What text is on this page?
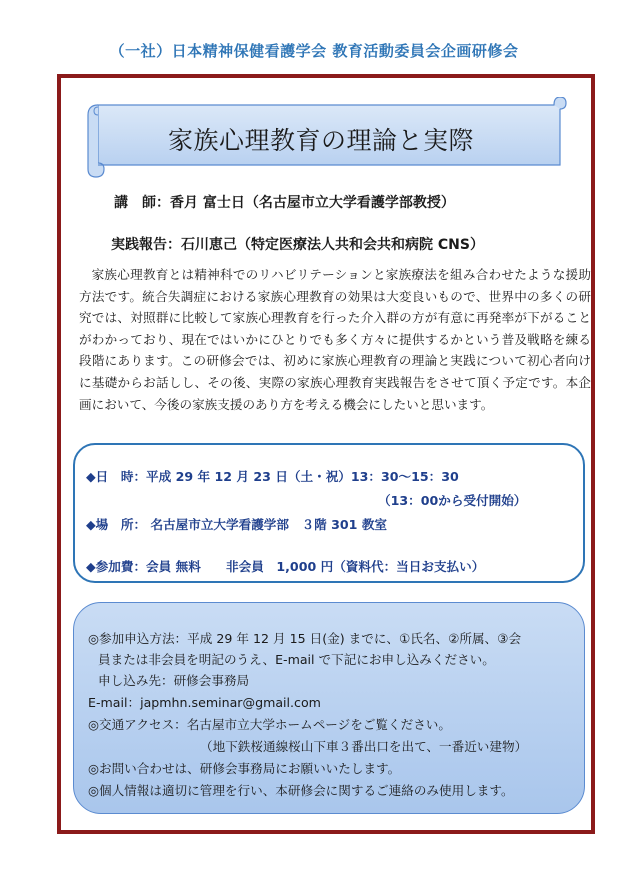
（一社）日本精神保健看護学会 教育活動委員会企画研修会
家族心理教育の理論と実際
講　師：香月 富士日（名古屋市立大学看護学部教授）
実践報告：石川恵己（特定医療法人共和会共和病院 CNS）
家族心理教育とは精神科でのリハビリテーションと家族療法を組み合わせたような援助方法です。統合失調症における家族心理教育の効果は大変良いもので、世界中の多くの研究では、対照群に比較して家族心理教育を行った介入群の方が有意に再発率が下がることがわかっており、現在ではいかにひとりでも多く方々に提供するかという普及戦略を練る段階にあります。この研修会では、初めに家族心理教育の理論と実践について初心者向けに基礎からお話しし、その後、実際の家族心理教育実践報告をさせて頂く予定です。本企画において、今後の家族支援のあり方を考える機会にしたいと思います。
◆日　時：平成 29 年 12 月 23 日（土・祝）13：30〜15：30
（13：00から受付開始）
◆場　所： 名古屋市立大学看護学部　３階 301 教室
◆参加費：会員 無料　　非会員　1,000 円（資料代：当日お支払い）
◎参加申込方法：平成 29 年 12 月 15 日(金) までに、①氏名、②所属、③会
員または非会員を明記のうえ、E-mail で下記にお申し込みください。
申し込み先：研修会事務局
E-mail：japmhn.seminar@gmail.com
◎交通アクセス：名古屋市立大学ホームページをご覧ください。
（地下鉄桜通線桜山下車３番出口を出て、一番近い建物）
◎お問い合わせは、研修会事務局にお願いいたします。
◎個人情報は適切に管理を行い、本研修会に関するご連絡のみ使用します。
